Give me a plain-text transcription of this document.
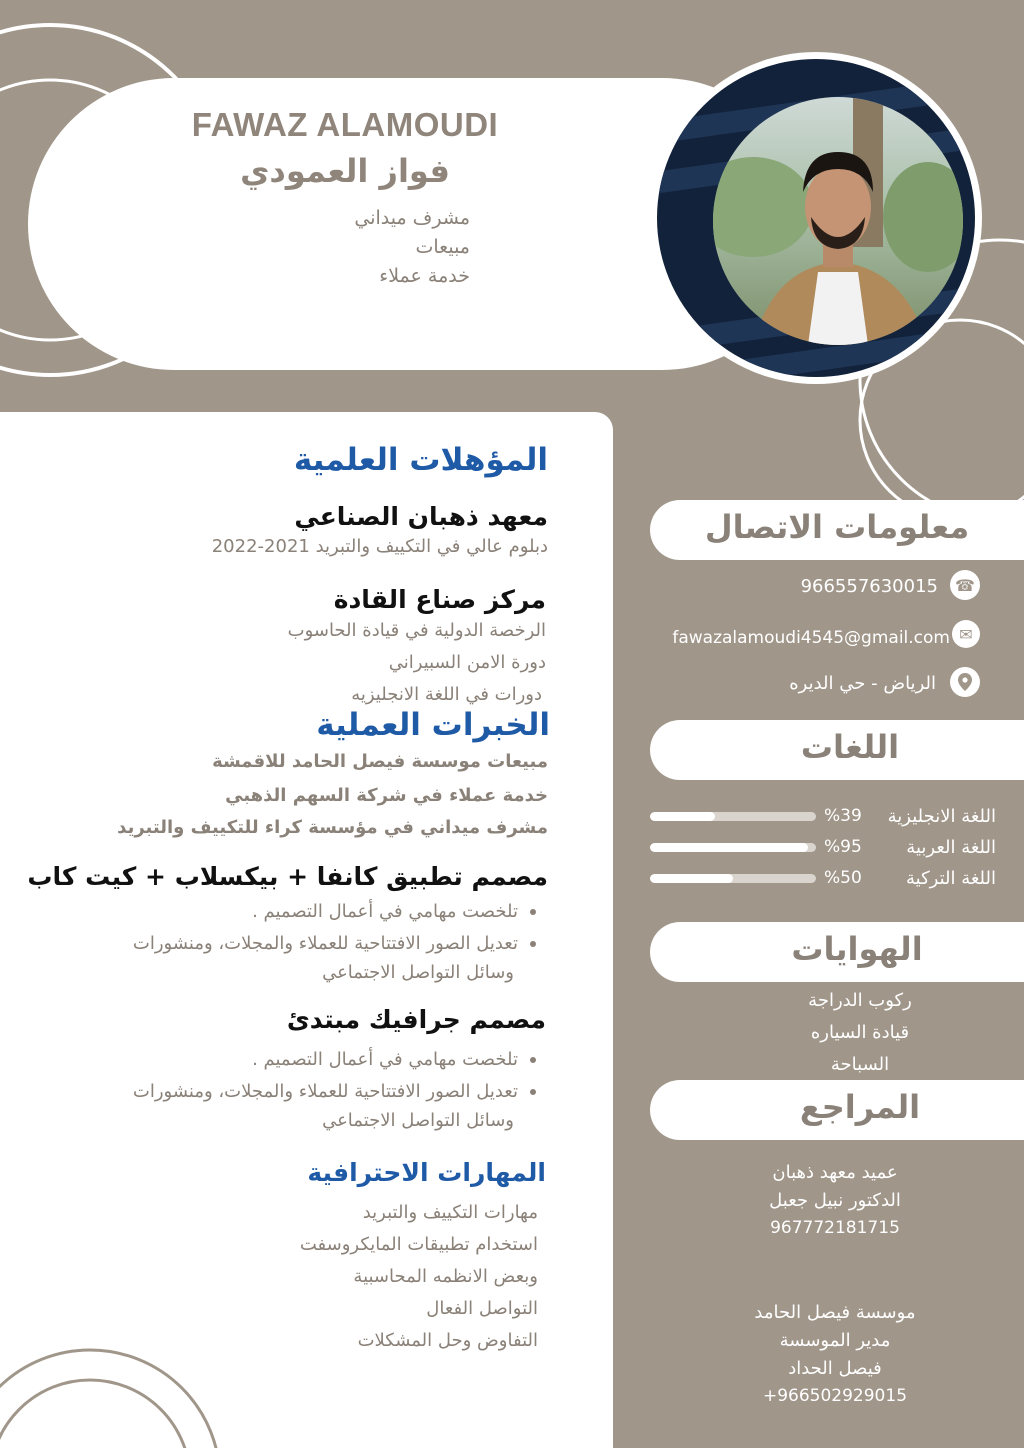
FAWAZ ALAMOUDI
فواز العمودي
مشرف ميداني
مبيعات
خدمة عملاء
المؤهلات العلمية
معهد ذهبان الصناعي
دبلوم عالي في التكييف والتبريد 2021-2022
مركز صناع القادة
الرخصة الدولية في قيادة الحاسوب
دورة الامن السبيراني
دورات في اللغة الانجليزيه
الخبرات العملية
مبيعات موسسة فيصل الحامد للاقمشة
خدمة عملاء في شركة السهم الذهبي
مشرف ميداني في مؤسسة كراء للتكييف والتبريد
مصمم تطبيق كانفا + بيكسلاب + كيت كاب
تلخصت مهامي في أعمال التصميم .
تعديل الصور الافتتاحية للعملاء والمجلات، ومنشورات
وسائل التواصل الاجتماعي
مصمم جرافيك مبتدئ
تلخصت مهامي في أعمال التصميم .
تعديل الصور الافتتاحية للعملاء والمجلات، ومنشورات
وسائل التواصل الاجتماعي
المهارات الاحترافية
مهارات التكييف والتبريد
استخدام تطبيقات المايكروسفت
وبعض الانظمه المحاسبية
التواصل الفعال
التفاوض وحل المشكلات
معلومات الاتصال
966557630015	☎
fawazalamoudi4545@gmail.com ✉
الرياض - حي الديره
اللغات
اللغة الانجليزية
%39
اللغة العربية
%95
اللغة التركية
%50
الهوايات
ركوب الدراجة
قيادة السياره
السباحة
المراجع
عميد معهد ذهبان
الدكتور نبيل جعبل
967772181715
موسسة فيصل الحامد
مدير الموسسة
فيصل الحداد
+966502929015
